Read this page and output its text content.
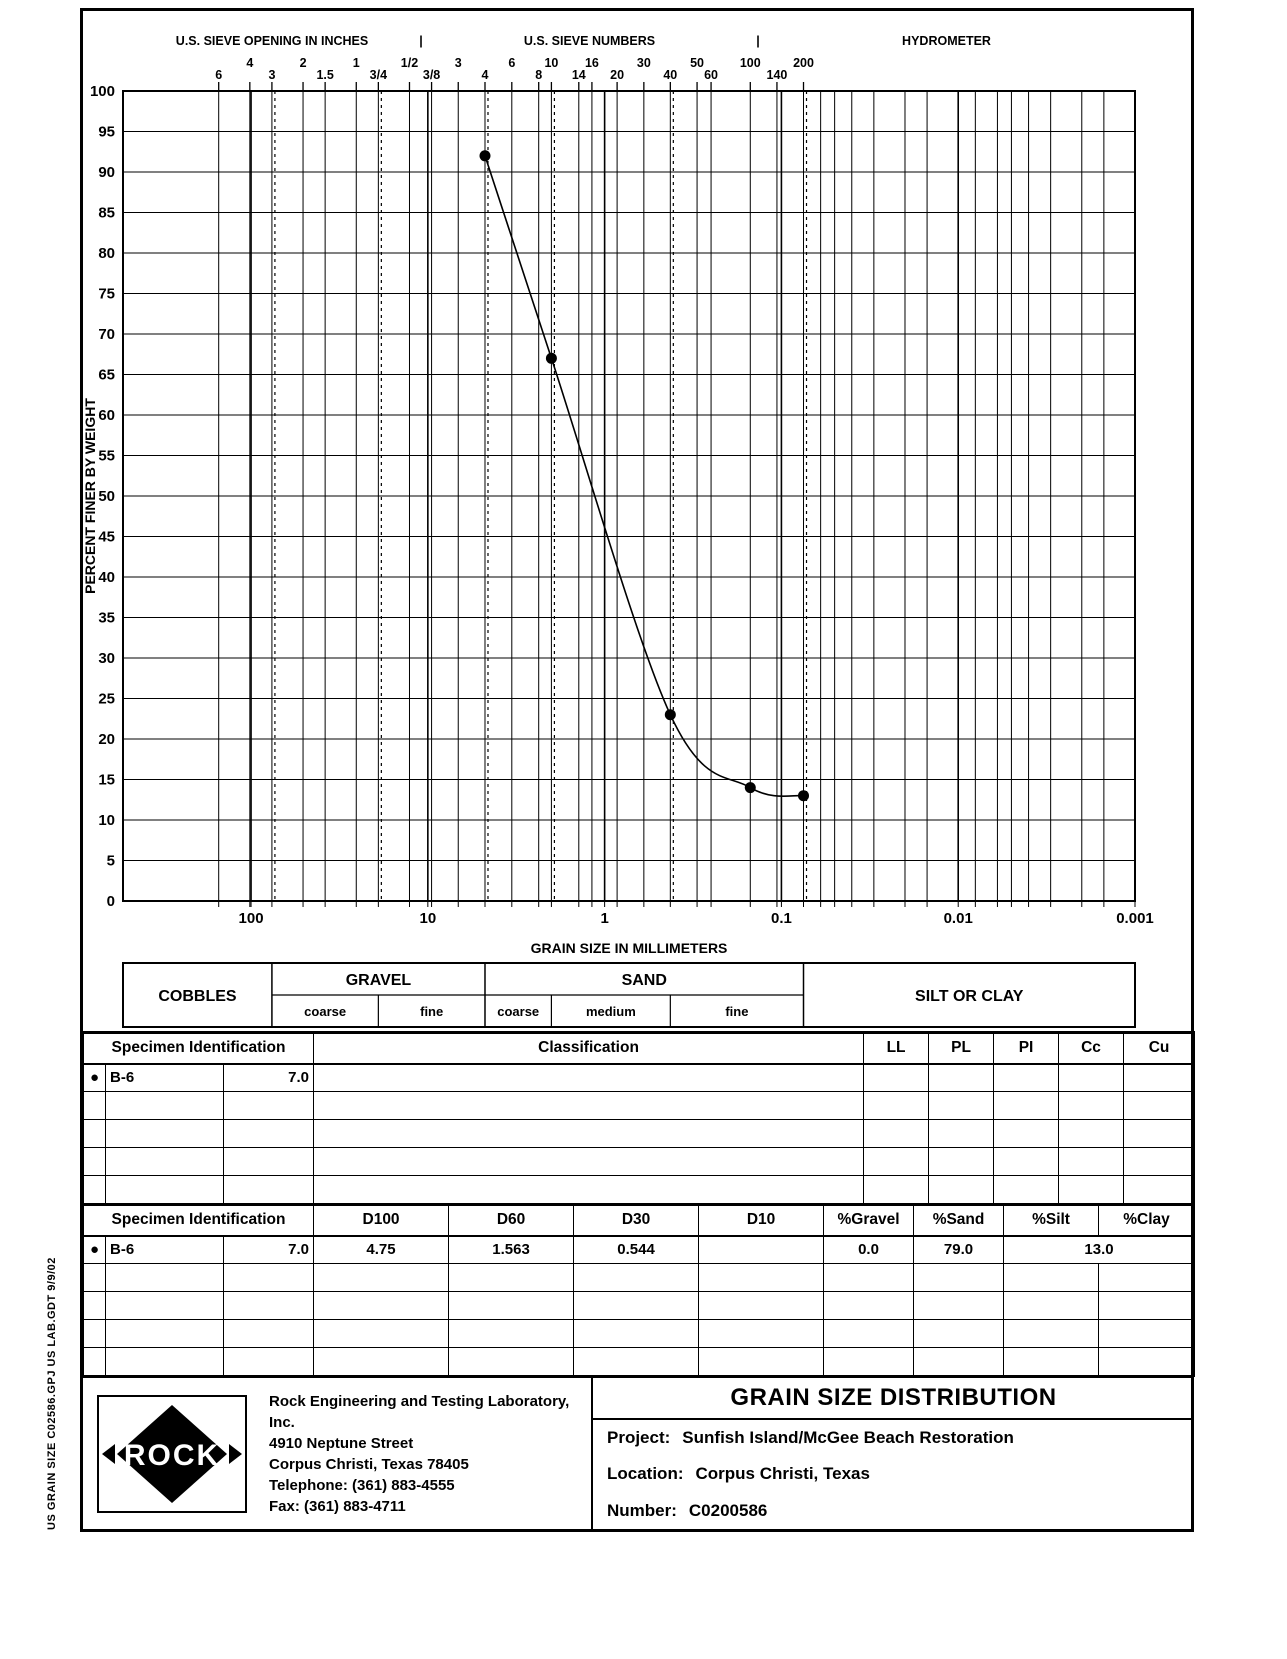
US GRAIN SIZE C02586.GPJ US LAB.GDT 9/9/02
0
5
10
15
20
25
30
35
40
45
50
55
60
65
70
75
80
85
90
95
100
100	10	1	0.1	0.01	0.001
6
4
3
2
1.5
1
3/4
1/2
3/8
3
4
6
8
10
14
16
20
30
40
50
60
100
140
200
U.S. SIEVE OPENING IN INCHES	|	U.S. SIEVE NUMBERS	|	HYDROMETER
GRAIN SIZE IN MILLIMETERS
PERCENT FINER BY WEIGHT
COBBLES
GRAVEL
coarse	fine
SAND
coarse	medium	fine
SILT OR CLAY
Specimen Identification			Classification	LL	PL	PI	Cc	Cu
●	B-6	7.0						

Specimen Identification			D100	D60	D30	D10	%Gravel	%Sand	%Silt	%Clay
●	B-6	7.0	4.75	1.563	0.544		0.0	79.0	13.0	

ROCK
Rock Engineering and Testing Laboratory, Inc.
4910 Neptune Street
Corpus Christi, Texas 78405
Telephone: (361) 883-4555
Fax: (361) 883-4711
GRAIN SIZE DISTRIBUTION
Project: Sunfish Island/McGee Beach Restoration
Location: Corpus Christi, Texas
Number: C0200586
